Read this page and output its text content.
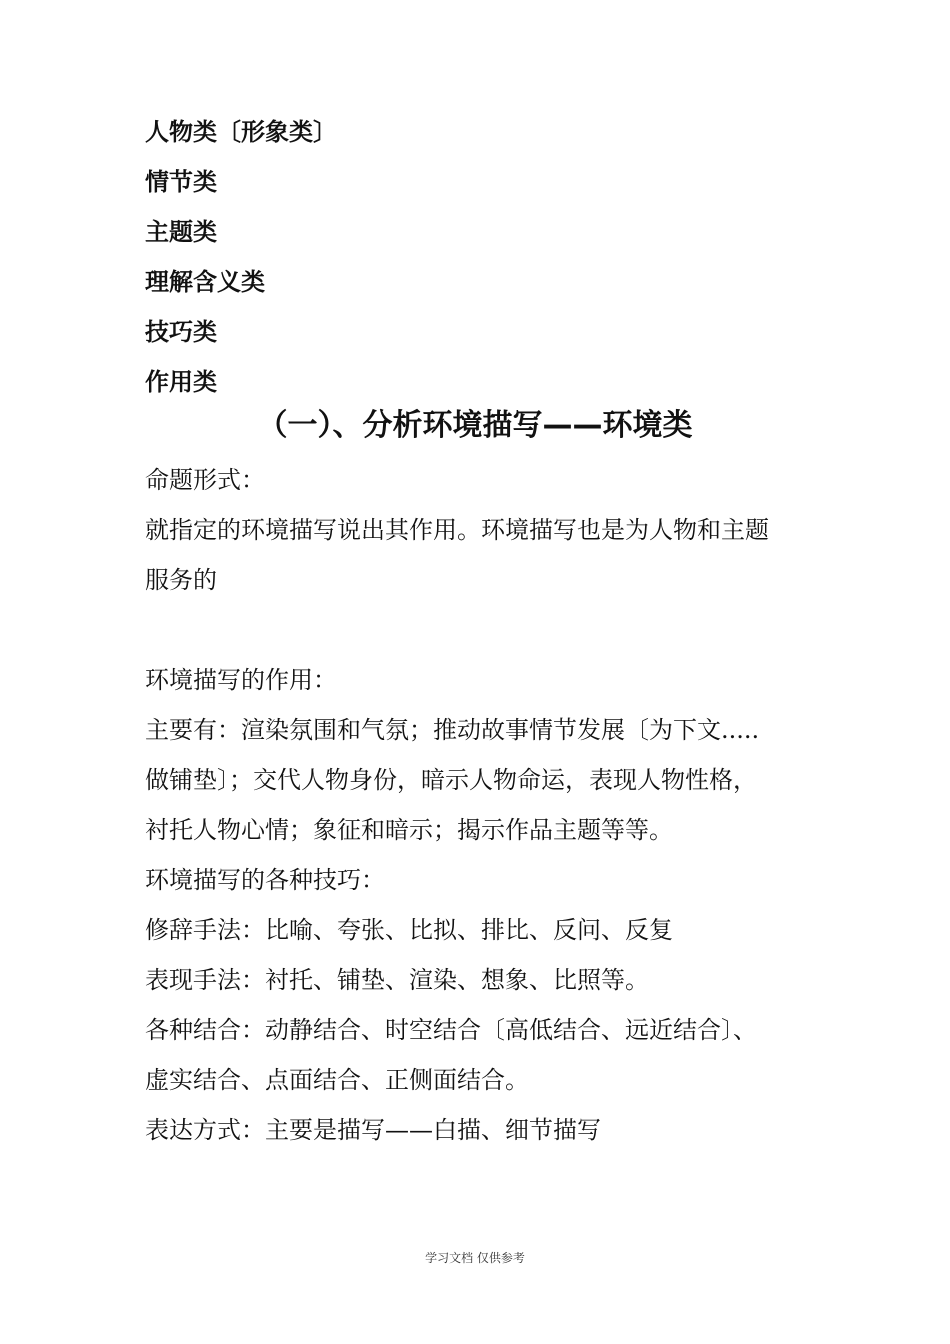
人物类〔形象类〕
情节类
主题类
理解含义类
技巧类
作用类
（一）、分析环境描写——环境类
命题形式：
就指定的环境描写说出其作用。环境描写也是为人物和主题
服务的
环境描写的作用：
主要有：渲染氛围和气氛；推动故事情节发展〔为下文.....
做铺垫〕；交代人物身份，暗示人物命运，表现人物性格，
衬托人物心情；象征和暗示；揭示作品主题等等。
环境描写的各种技巧：
修辞手法：比喻、夸张、比拟、排比、反问、反复
表现手法：衬托、铺垫、渲染、想象、比照等。
各种结合：动静结合、时空结合〔高低结合、远近结合〕、
虚实结合、点面结合、正侧面结合。
表达方式：主要是描写——白描、细节描写
学习文档 仅供参考
